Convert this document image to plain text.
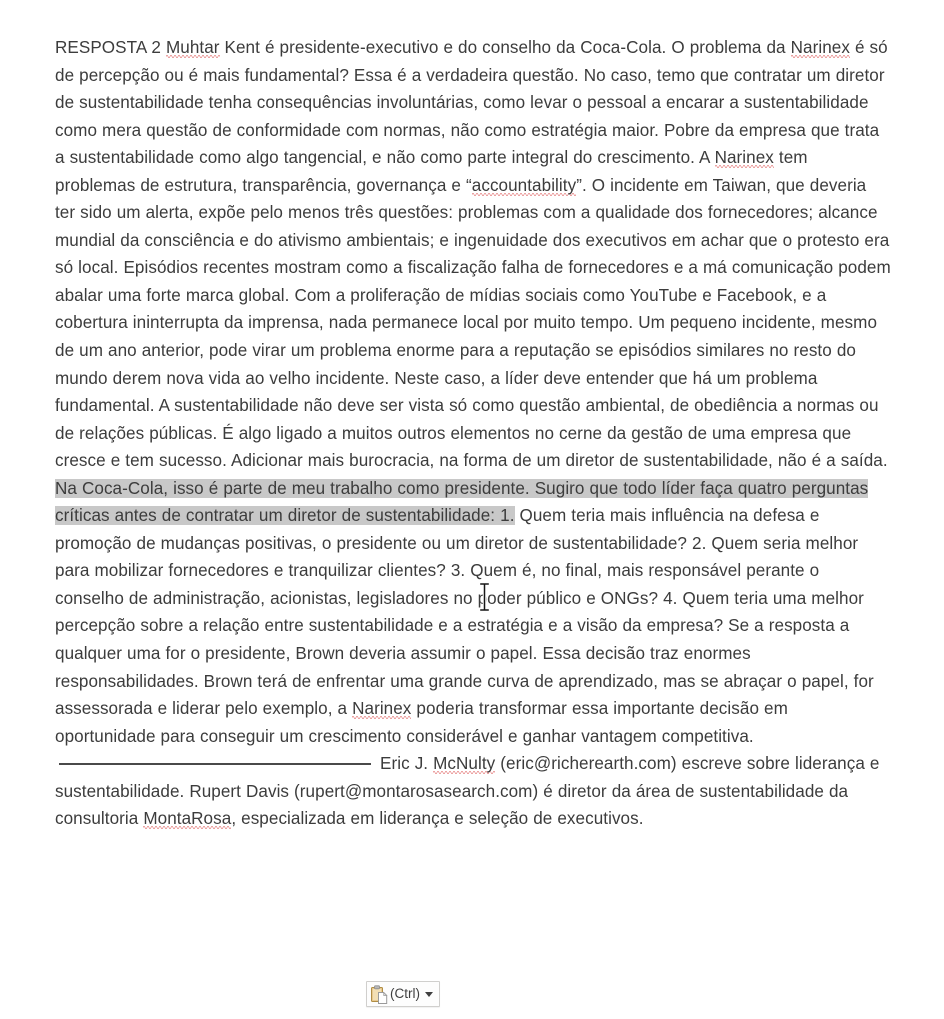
RESPOSTA 2 Muhtar Kent é presidente-executivo e do conselho da Coca-Cola. O problema da Narinex é só de percepção ou é mais fundamental? Essa é a verdadeira questão. No caso, temo que contratar um diretor de sustentabilidade tenha consequências involuntárias, como levar o pessoal a encarar a sustentabilidade como mera questão de conformidade com normas, não como estratégia maior. Pobre da empresa que trata a sustentabilidade como algo tangencial, e não como parte integral do crescimento. A Narinex tem problemas de estrutura, transparência, governança e “accountability”. O incidente em Taiwan, que deveria ter sido um alerta, expõe pelo menos três questões: problemas com a qualidade dos fornecedores; alcance mundial da consciência e do ativismo ambientais; e ingenuidade dos executivos em achar que o protesto era só local. Episódios recentes mostram como a fiscalização falha de fornecedores e a má comunicação podem abalar uma forte marca global. Com a proliferação de mídias sociais como YouTube e Facebook, e a cobertura ininterrupta da imprensa, nada permanece local por muito tempo. Um pequeno incidente, mesmo de um ano anterior, pode virar um problema enorme para a reputação se episódios similares no resto do mundo derem nova vida ao velho incidente. Neste caso, a líder deve entender que há um problema fundamental. A sustentabilidade não deve ser vista só como questão ambiental, de obediência a normas ou de relações públicas. É algo ligado a muitos outros elementos no cerne da gestão de uma empresa que cresce e tem sucesso. Adicionar mais burocracia, na forma de um diretor de sustentabilidade, não é a saída. Na Coca-Cola, isso é parte de meu trabalho como presidente. Sugiro que todo líder faça quatro perguntas críticas antes de contratar um diretor de sustentabilidade: 1. Quem teria mais influência na defesa e promoção de mudanças positivas, o presidente ou um diretor de sustentabilidade? 2. Quem seria melhor para mobilizar fornecedores e tranquilizar clientes? 3. Quem é, no final, mais responsável perante o conselho de administração, acionistas, legisladores no poder público e ONGs? 4. Quem teria uma melhor percepção sobre a relação entre sustentabilidade e a estratégia e a visão da empresa? Se a resposta a qualquer uma for o presidente, Brown deveria assumir o papel. Essa decisão traz enormes responsabilidades. Brown terá de enfrentar uma grande curva de aprendizado, mas se abraçar o papel, for assessorada e liderar pelo exemplo, a Narinex poderia transformar essa importante decisão em oportunidade para conseguir um crescimento considerável e ganhar vantagem competitiva.  Eric J. McNulty (eric@richerearth.com) escreve sobre liderança e sustentabilidade. Rupert Davis (rupert@montarosasearch.com) é diretor da área de sustentabilidade da consultoria MontaRosa, especializada em liderança e seleção de executivos.

(Ctrl)
